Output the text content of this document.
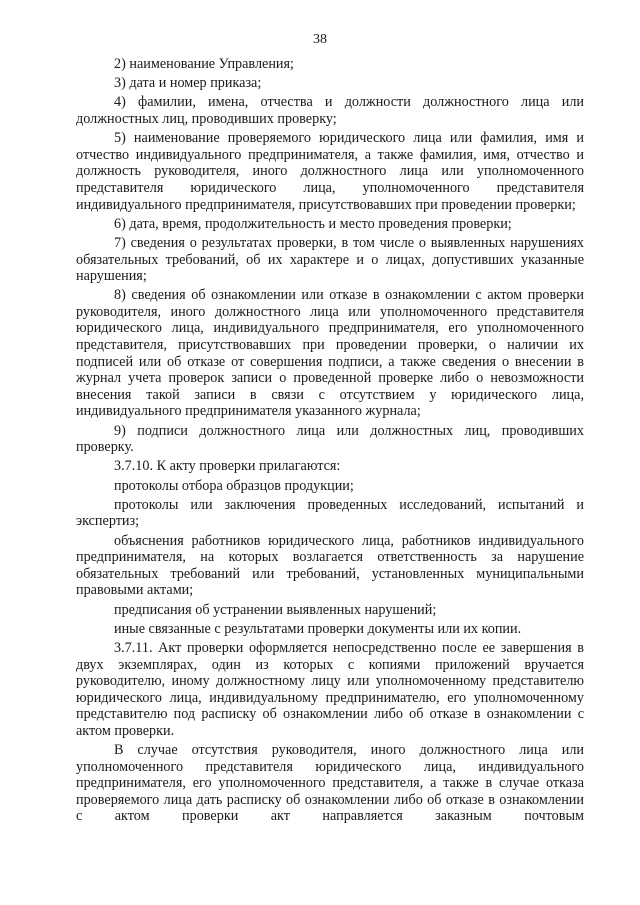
38

2) наименование Управления;

3) дата и номер приказа;

4) фамилии, имена, отчества и должности должностного лица или должностных лиц, проводивших проверку;

5) наименование проверяемого юридического лица или фамилия, имя и отчество индивидуального предпринимателя, а также фамилия, имя, отчество и должность руководителя, иного должностного лица или уполномоченного представителя юридического лица, уполномоченного представителя индивидуального предпринимателя, присутствовавших при проведении проверки;

6) дата, время, продолжительность и место проведения проверки;

7) сведения о результатах проверки, в том числе о выявленных нарушениях обязательных требований, об их характере и о лицах, допустивших указанные нарушения;

8) сведения об ознакомлении или отказе в ознакомлении с актом проверки руководителя, иного должностного лица или уполномоченного представителя юридического лица, индивидуального предпринимателя, его уполномоченного представителя, присутствовавших при проведении проверки, о наличии их подписей или об отказе от совершения подписи, а также сведения о внесении в журнал учета проверок записи о проведенной проверке либо о невозможности внесения такой записи в связи с отсутствием у юридического лица, индивидуального предпринимателя указанного журнала;

9) подписи должностного лица или должностных лиц, проводивших проверку.

3.7.10. К акту проверки прилагаются:

протоколы отбора образцов продукции;

протоколы или заключения проведенных исследований, испытаний и экспертиз;

объяснения работников юридического лица, работников индивидуального предпринимателя, на которых возлагается ответственность за нарушение обязательных требований или требований, установленных муниципальными правовыми актами;

предписания об устранении выявленных нарушений;

иные связанные с результатами проверки документы или их копии.

3.7.11. Акт проверки оформляется непосредственно после ее завершения в двух экземплярах, один из которых с копиями приложений вручается руководителю, иному должностному лицу или уполномоченному представителю юридического лица, индивидуальному предпринимателю, его уполномоченному представителю под расписку об ознакомлении либо об отказе в ознакомлении с актом проверки.

В случае отсутствия руководителя, иного должностного лица или уполномоченного представителя юридического лица, индивидуального предпринимателя, его уполномоченного представителя, а также в случае отказа проверяемого лица дать расписку об ознакомлении либо об отказе в ознакомлении с актом проверки акт направляется заказным почтовым
